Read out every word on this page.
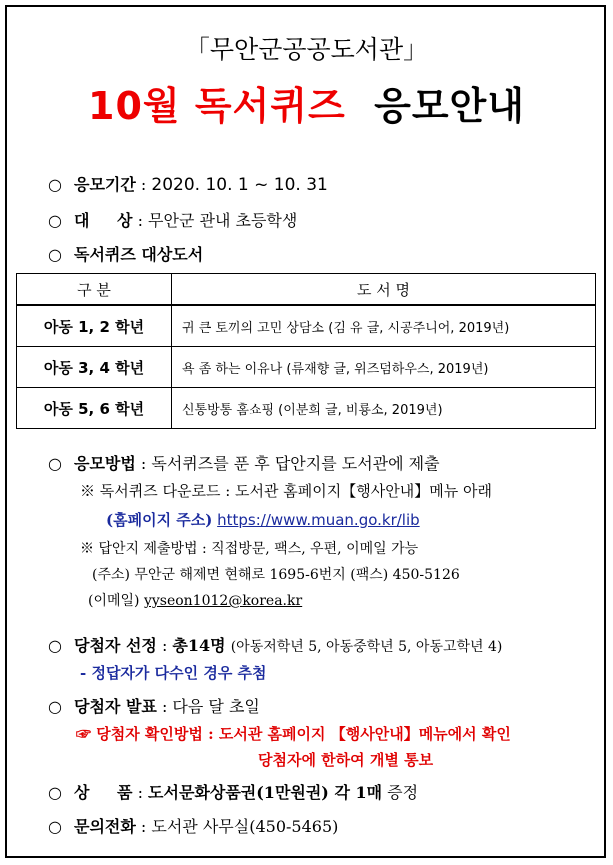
「무안군공공도서관」
10월 독서퀴즈 응모안내
○ 응모기간 : 2020. 10. 1 ~ 10. 31
○ 대 상 : 무안군 관내 초등학생
○ 독서퀴즈 대상도서
구 분	도 서 명
아동 1, 2 학년	귀 큰 토끼의 고민 상담소 (김 유 글, 시공주니어, 2019년)
아동 3, 4 학년	욕 좀 하는 이유나 (류재향 글, 위즈덤하우스, 2019년)
아동 5, 6 학년	신통방통 홈쇼핑 (이분희 글, 비룡소, 2019년)
○ 응모방법 : 독서퀴즈를 푼 후 답안지를 도서관에 제출
※ 독서퀴즈 다운로드 : 도서관 홈페이지【행사안내】메뉴 아래
(홈페이지 주소) https://www.muan.go.kr/lib
※ 답안지 제출방법 : 직접방문, 팩스, 우편, 이메일 가능
(주소) 무안군 해제면 현해로 1695-6번지 (팩스) 450-5126
(이메일) yyseon1012@korea.kr
○ 당첨자 선정 : 총14명 (아동저학년 5, 아동중학년 5, 아동고학년 4)
- 정답자가 다수인 경우 추첨
○ 당첨자 발표 : 다음 달 초일
☞ 당첨자 확인방법 : 도서관 홈페이지 【행사안내】메뉴에서 확인
당첨자에 한하여 개별 통보
○ 상 품 : 도서문화상품권(1만원권) 각 1매 증정
○ 문의전화 : 도서관 사무실(450-5465)
